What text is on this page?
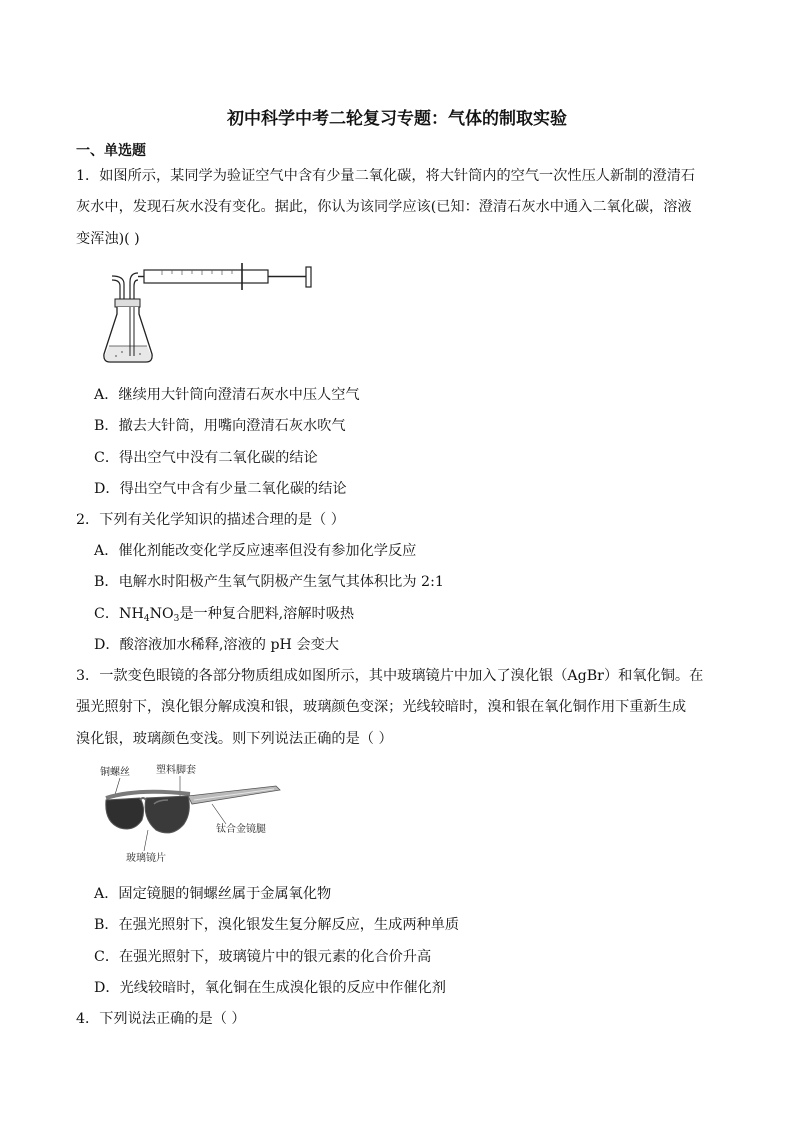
初中科学中考二轮复习专题：气体的制取实验
一、单选题
1．如图所示，某同学为验证空气中含有少量二氧化碳，将大针筒内的空气一次性压人新制的澄清石
灰水中，发现石灰水没有变化。据此，你认为该同学应该(已知：澄清石灰水中通入二氧化碳，溶液
变浑浊)( )
A．继续用大针筒向澄清石灰水中压人空气
B．撤去大针筒，用嘴向澄清石灰水吹气
C．得出空气中没有二氧化碳的结论
D．得出空气中含有少量二氧化碳的结论
2．下列有关化学知识的描述合理的是（ ）
A．催化剂能改变化学反应速率但没有参加化学反应
B．电解水时阳极产生氧气阴极产生氢气其体积比为 2:1
C．$NH_4NO_3$是一种复合肥料,溶解时吸热
D．酸溶液加水稀释,溶液的 pH 会变大
3．一款变色眼镜的各部分物质组成如图所示，其中玻璃镜片中加入了溴化银（AgBr）和氧化铜。在
强光照射下，溴化银分解成溴和银，玻璃颜色变深；光线较暗时，溴和银在氧化铜作用下重新生成
溴化银，玻璃颜色变浅。则下列说法正确的是（ ）
铜螺丝	塑料脚套
钛合金镜腿
玻璃镜片
A．固定镜腿的铜螺丝属于金属氧化物
B．在强光照射下，溴化银发生复分解反应，生成两种单质
C．在强光照射下，玻璃镜片中的银元素的化合价升高
D．光线较暗时，氧化铜在生成溴化银的反应中作催化剂
4．下列说法正确的是（ ）
